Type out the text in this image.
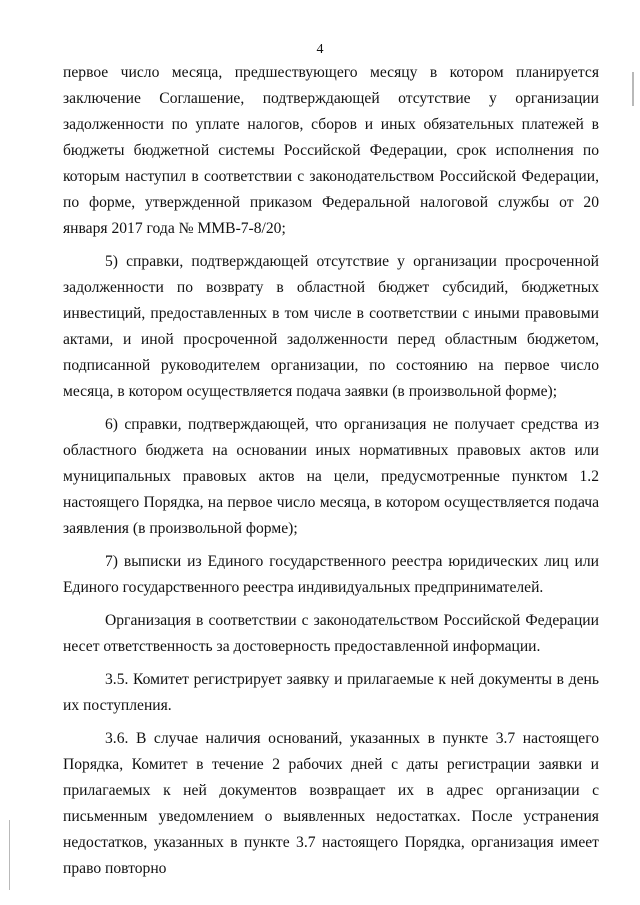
4

первое число месяца, предшествующего месяцу в котором планируется заключение Соглашение, подтверждающей отсутствие у организации задолженности по уплате налогов, сборов и иных обязательных платежей в бюджеты бюджетной системы Российской Федерации, срок исполнения по которым наступил в соответствии с законодательством Российской Федерации, по форме, утвержденной приказом Федеральной налоговой службы от 20 января 2017 года № ММВ-7-8/20;

5) справки, подтверждающей отсутствие у организации просроченной задолженности по возврату в областной бюджет субсидий, бюджетных инвестиций, предоставленных в том числе в соответствии с иными правовыми актами, и иной просроченной задолженности перед областным бюджетом, подписанной руководителем организации, по состоянию на первое число месяца, в котором осуществляется подача заявки (в произвольной форме);

6) справки, подтверждающей, что организация не получает средства из областного бюджета на основании иных нормативных правовых актов или муниципальных правовых актов на цели, предусмотренные пунктом 1.2 настоящего Порядка, на первое число месяца, в котором осуществляется подача заявления (в произвольной форме);

7) выписки из Единого государственного реестра юридических лиц или Единого государственного реестра индивидуальных предпринимателей.

Организация в соответствии с законодательством Российской Федерации несет ответственность за достоверность предоставленной информации.

3.5. Комитет регистрирует заявку и прилагаемые к ней документы в день их поступления.

3.6. В случае наличия оснований, указанных в пункте 3.7 настоящего Порядка, Комитет в течение 2 рабочих дней с даты регистрации заявки и прилагаемых к ней документов возвращает их в адрес организации с письменным уведомлением о выявленных недостатках. После устранения недостатков, указанных в пункте 3.7 настоящего Порядка, организация имеет право повторно
